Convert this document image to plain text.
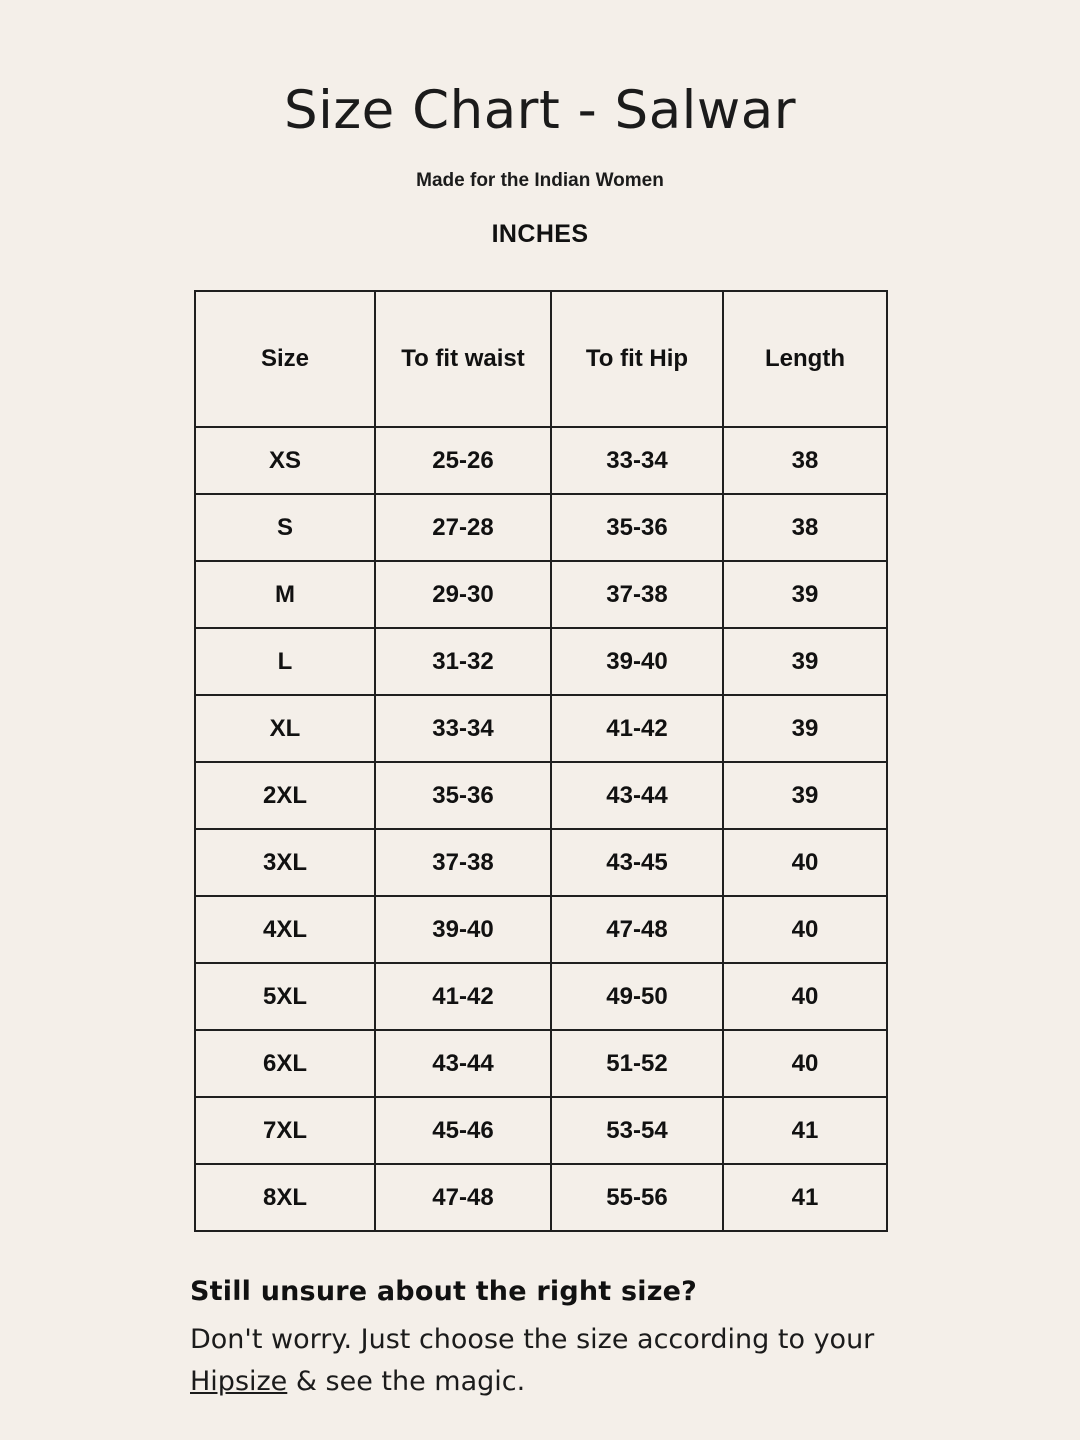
Size Chart - Salwar

Made for the Indian Women

INCHES

Size	To fit waist	To fit Hip	Length
XS	25-26	33-34	38
S	27-28	35-36	38
M	29-30	37-38	39
L	31-32	39-40	39
XL	33-34	41-42	39
2XL	35-36	43-44	39
3XL	37-38	43-45	40
4XL	39-40	47-48	40
5XL	41-42	49-50	40
6XL	43-44	51-52	40
7XL	45-46	53-54	41
8XL	47-48	55-56	41

Still unsure about the right size?

Don't worry. Just choose the size according to your

Hipsize & see the magic.
